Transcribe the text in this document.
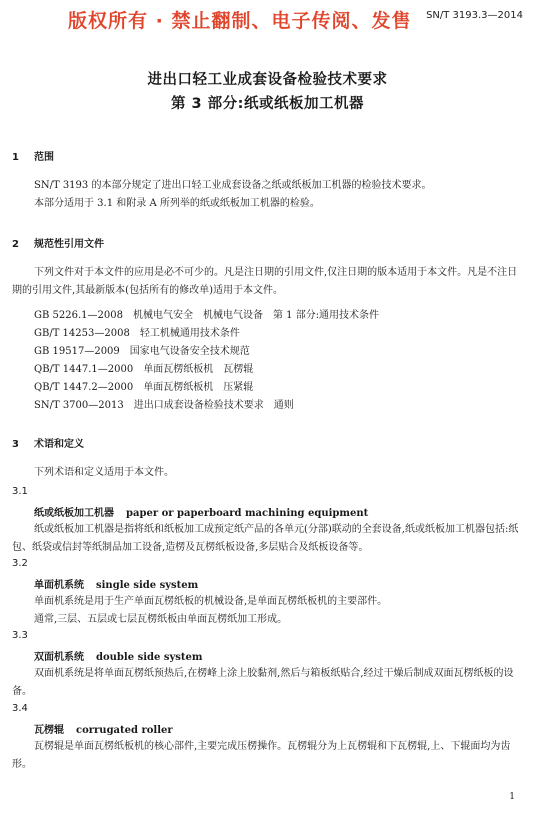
版权所有 · 禁止翻制、电子传阅、发售 SN/T 3193.3—2014
进出口轻工业成套设备检验技术要求
第 3 部分:纸或纸板加工机器
1 范围
SN/T 3193 的本部分规定了进出口轻工业成套设备之纸或纸板加工机器的检验技术要求。
本部分适用于 3.1 和附录 A 所列举的纸或纸板加工机器的检验。
2 规范性引用文件
下列文件对于本文件的应用是必不可少的。凡是注日期的引用文件,仅注日期的版本适用于本文件。凡是不注日期的引用文件,其最新版本(包括所有的修改单)适用于本文件。
GB 5226.1—2008 机械电气安全　机械电气设备　第 1 部分:通用技术条件
GB/T 14253—2008 轻工机械通用技术条件
GB 19517—2009 国家电气设备安全技术规范
QB/T 1447.1—2000 单面瓦楞纸板机　瓦楞辊
QB/T 1447.2—2000 单面瓦楞纸板机　压紧辊
SN/T 3700—2013 进出口成套设备检验技术要求　通则
3 术语和定义
下列术语和定义适用于本文件。
3.1
纸或纸板加工机器 paper or paperboard machining equipment
纸或纸板加工机器是指将纸和纸板加工成预定纸产品的各单元(分部)联动的全套设备,纸或纸板加工机器包括:纸包、纸袋或信封等纸制品加工设备,造楞及瓦楞纸板设备,多层贴合及纸板设备等。
3.2
单面机系统 single side system
单面机系统是用于生产单面瓦楞纸板的机械设备,是单面瓦楞纸板机的主要部件。
通常,三层、五层或七层瓦楞纸板由单面瓦楞纸加工形成。
3.3
双面机系统 double side system
双面机系统是将单面瓦楞纸预热后,在楞峰上涂上胶黏剂,然后与箱板纸贴合,经过干燥后制成双面瓦楞纸板的设备。
3.4
瓦楞辊 corrugated roller
瓦楞辊是单面瓦楞纸板机的核心部件,主要完成压楞操作。瓦楞辊分为上瓦楞辊和下瓦楞辊,上、下辊面均为齿形。
1
